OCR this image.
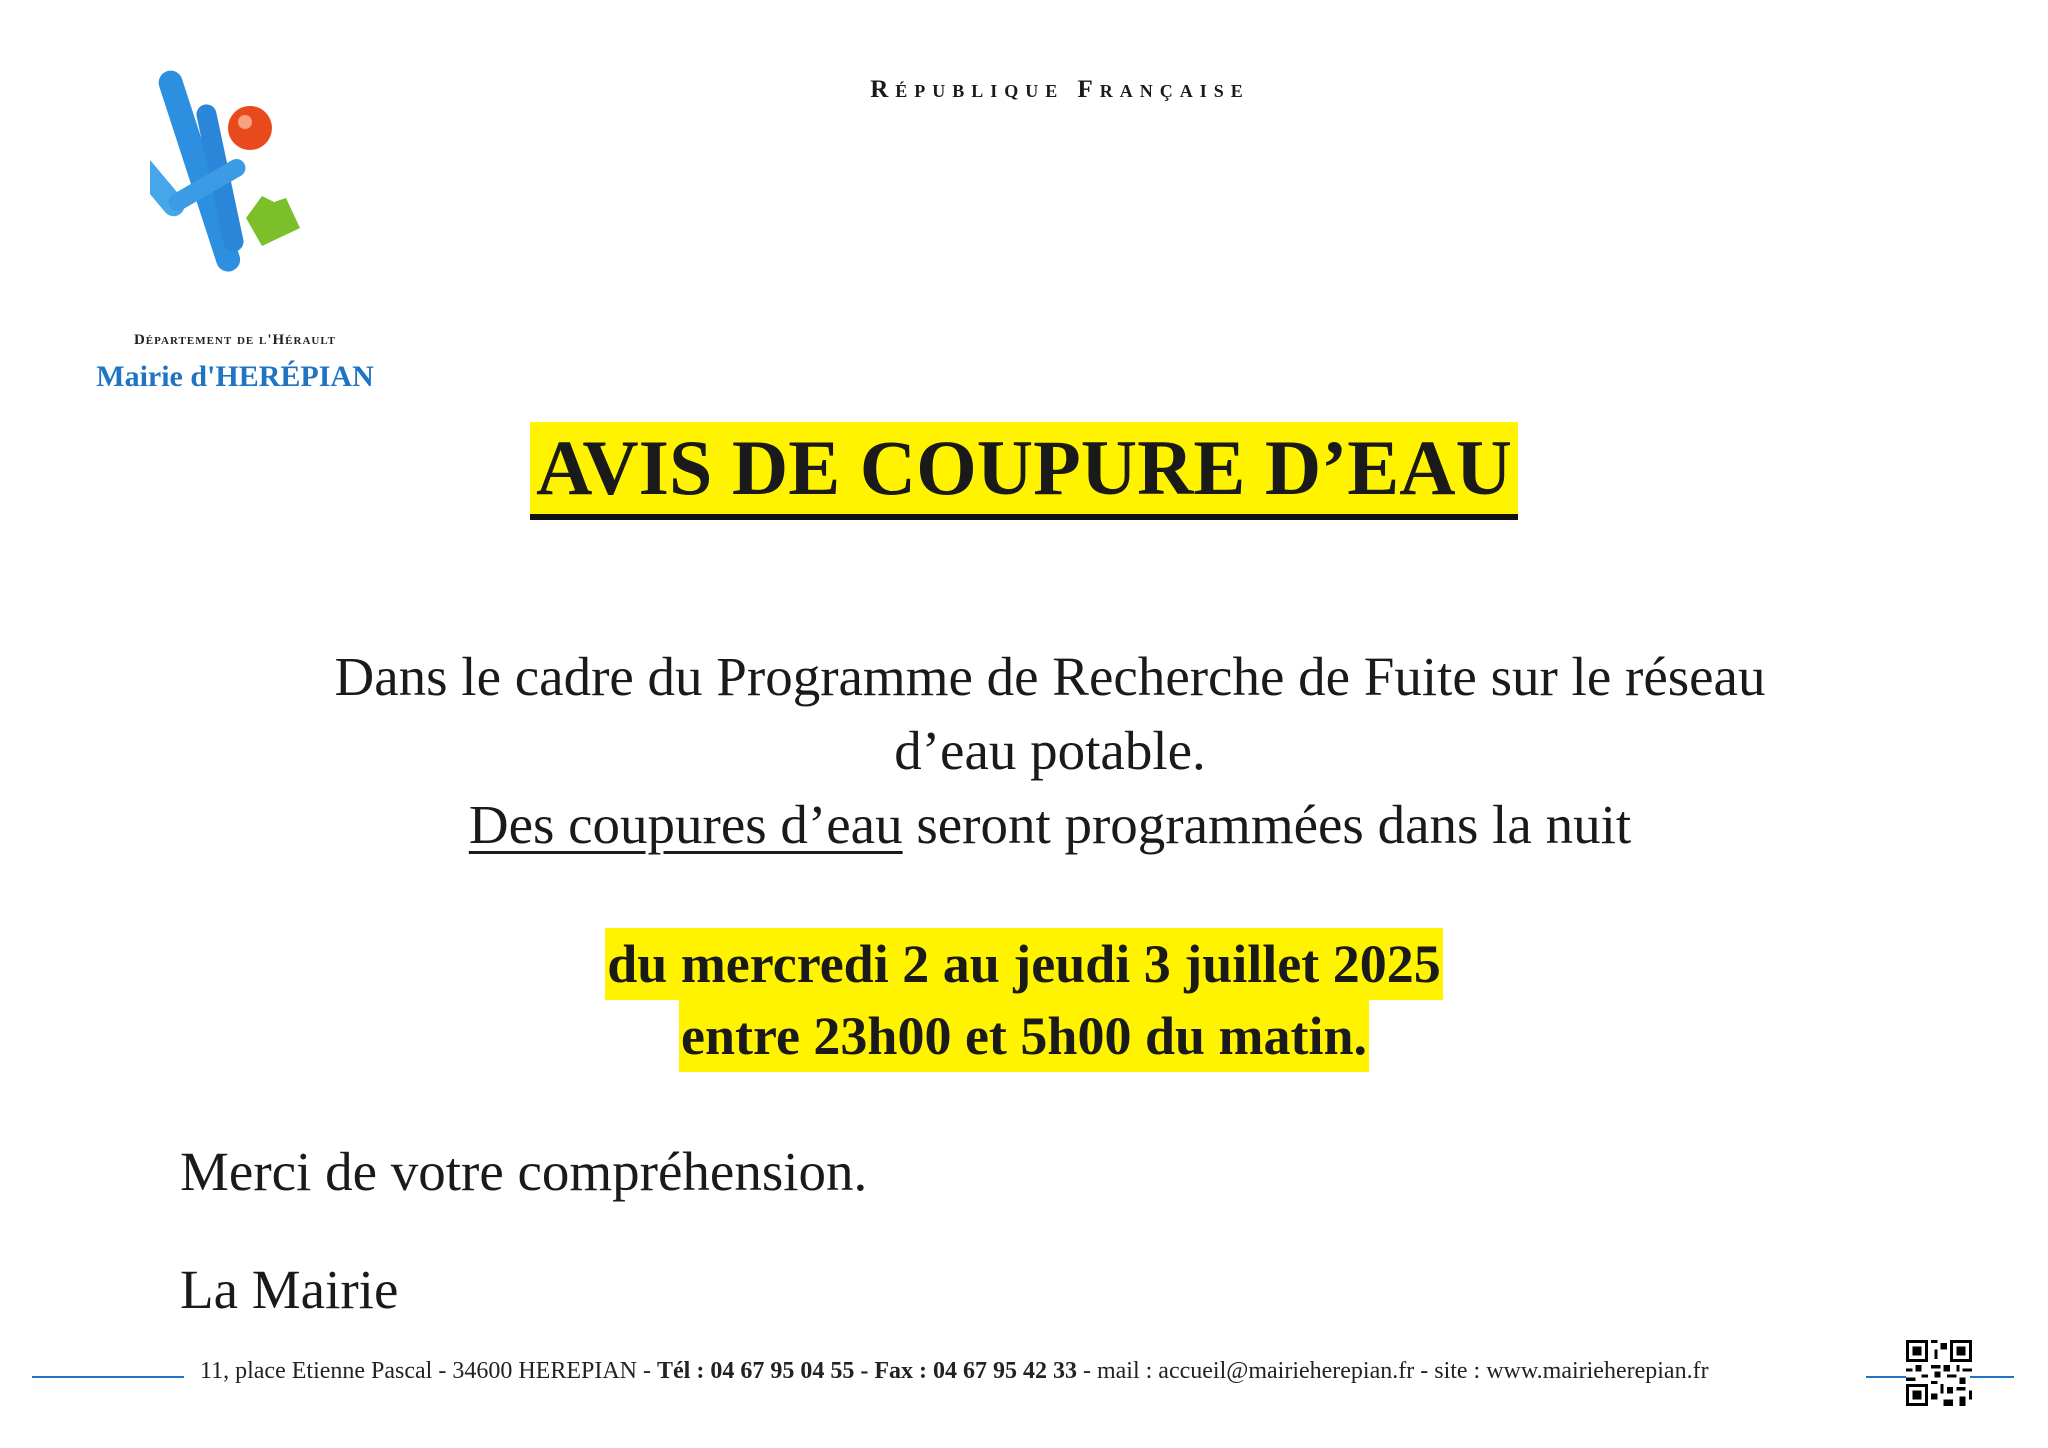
Département de l'Hérault
Mairie d'HERÉPIAN
République Française
AVIS DE COUPURE D’EAU
Dans le cadre du Programme de Recherche de Fuite sur le réseau
d’eau potable.
Des coupures d’eau seront programmées dans la nuit
du mercredi 2 au jeudi 3 juillet 2025
entre 23h00 et 5h00 du matin.
Merci de votre compréhension.
La Mairie
11, place Etienne Pascal - 34600 HEREPIAN - Tél : 04 67 95 04 55 - Fax : 04 67 95 42 33 - mail : accueil@mairieherepian.fr - site : www.mairieherepian.fr
